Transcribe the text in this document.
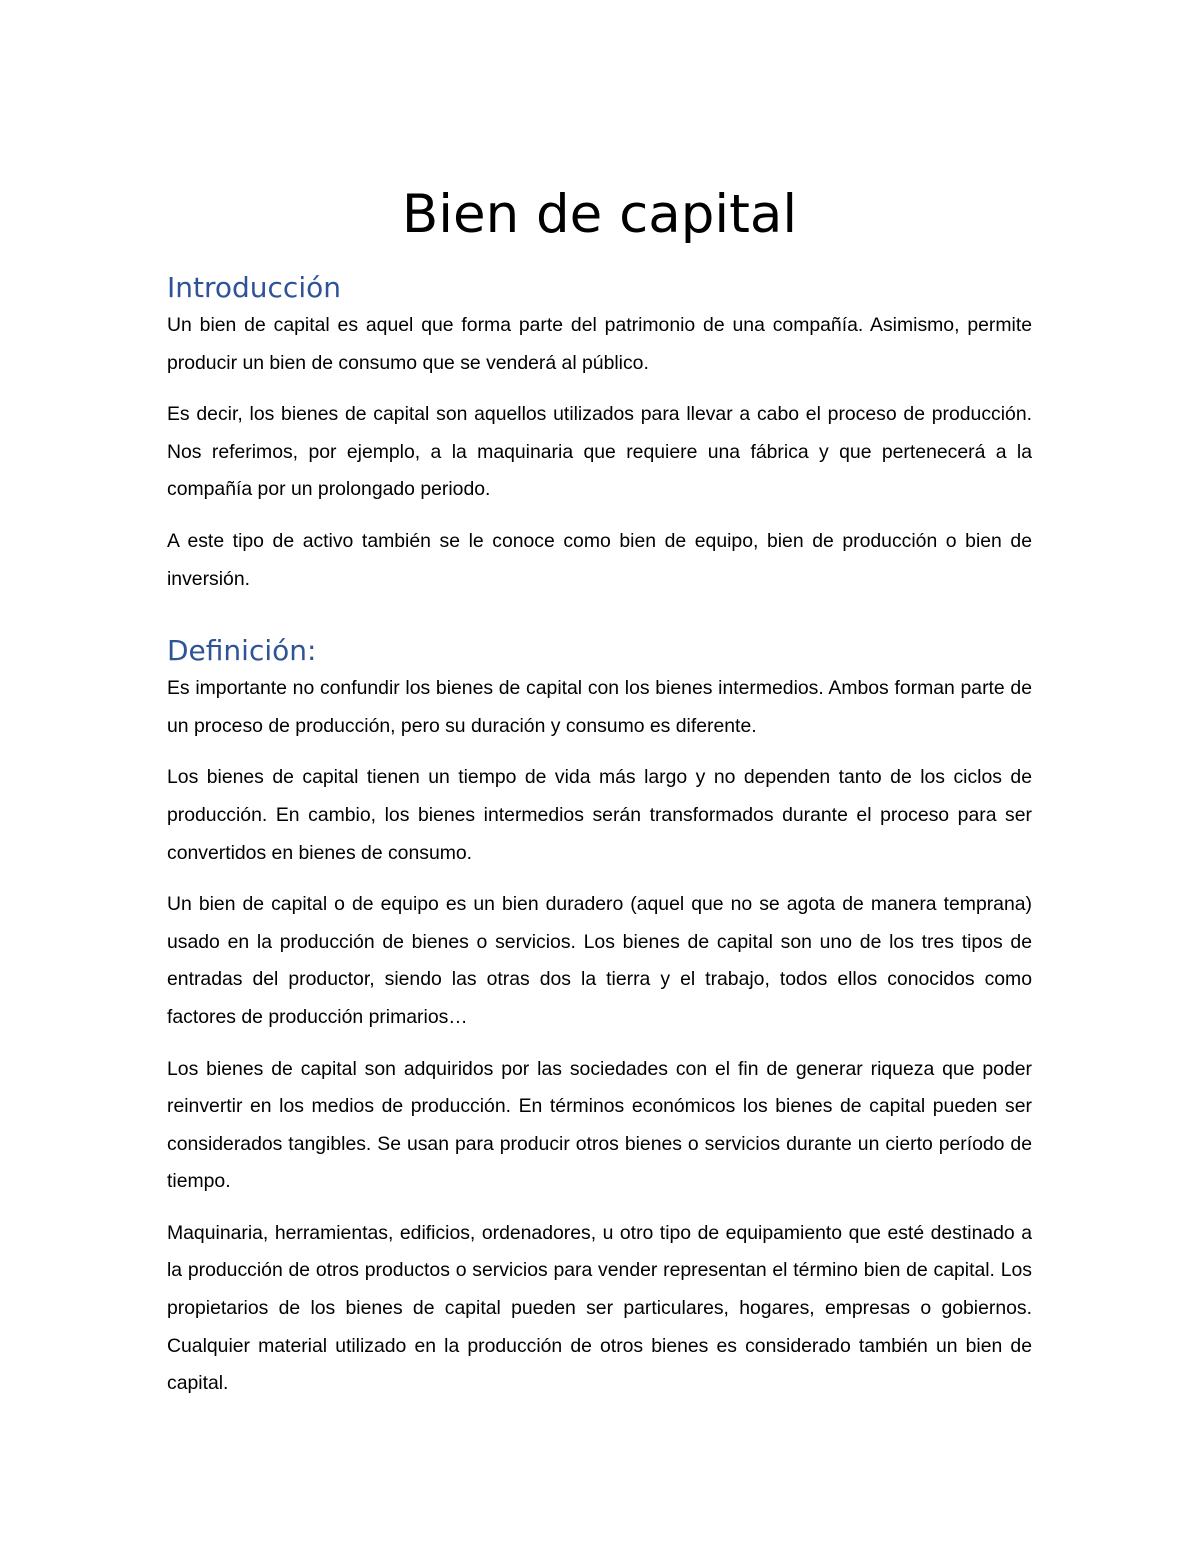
Bien de capital
Introducción

Un bien de capital es aquel que forma parte del patrimonio de una compañía. Asimismo, permite producir un bien de consumo que se venderá al público.

Es decir, los bienes de capital son aquellos utilizados para llevar a cabo el proceso de producción. Nos referimos, por ejemplo, a la maquinaria que requiere una fábrica y que pertenecerá a la compañía por un prolongado periodo.

A este tipo de activo también se le conoce como bien de equipo, bien de producción o bien de inversión.

Definición:

Es importante no confundir los bienes de capital con los bienes intermedios. Ambos forman parte de un proceso de producción, pero su duración y consumo es diferente.

Los bienes de capital tienen un tiempo de vida más largo y no dependen tanto de los ciclos de producción. En cambio, los bienes intermedios serán transformados durante el proceso para ser convertidos en bienes de consumo.

Un bien de capital o de equipo es un bien duradero (aquel que no se agota de manera temprana) usado en la producción de bienes o servicios. Los bienes de capital son uno de los tres tipos de entradas del productor, siendo las otras dos la tierra y el trabajo, todos ellos conocidos como factores de producción primarios…

Los bienes de capital son adquiridos por las sociedades con el fin de generar riqueza que poder reinvertir en los medios de producción. En términos económicos los bienes de capital pueden ser considerados tangibles. Se usan para producir otros bienes o servicios durante un cierto período de tiempo.

Maquinaria, herramientas, edificios, ordenadores, u otro tipo de equipamiento que esté destinado a la producción de otros productos o servicios para vender representan el término bien de capital. Los propietarios de los bienes de capital pueden ser particulares, hogares, empresas o gobiernos. Cualquier material utilizado en la producción de otros bienes es considerado también un bien de capital.
